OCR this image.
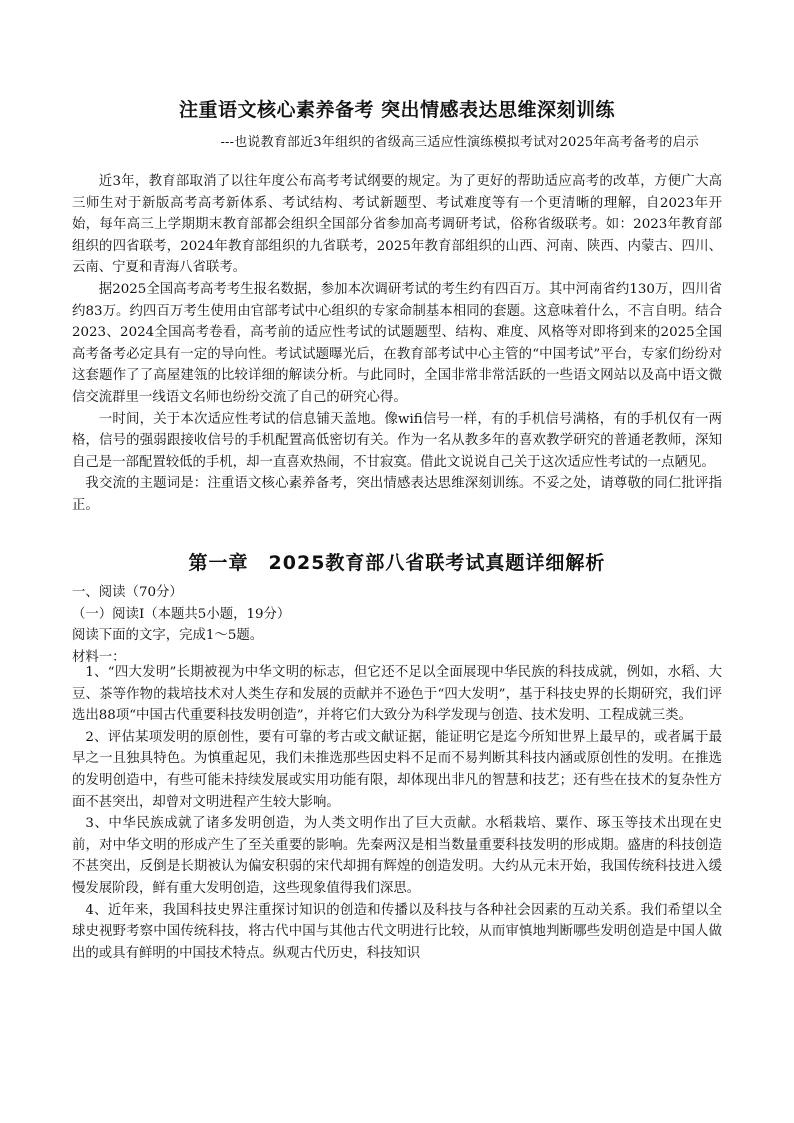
注重语文核心素养备考 突出情感表达思维深刻训练
---也说教育部近3年组织的省级高三适应性演练模拟考试对2025年高考备考的启示

近3年，教育部取消了以往年度公布高考考试纲要的规定。为了更好的帮助适应高考的改革，方便广大高三师生对于新版高考高考新体系、考试结构、考试新题型、考试难度等有一个更清晰的理解，自2023年开始，每年高三上学期期末教育部都会组织全国部分省参加高考调研考试，俗称省级联考。如：2023年教育部组织的四省联考，2024年教育部组织的九省联考，2025年教育部组织的山西、河南、陕西、内蒙古、四川、云南、宁夏和青海八省联考。

据2025全国高考高考考生报名数据，参加本次调研考试的考生约有四百万。其中河南省约130万，四川省约83万。约四百万考生使用由官部考试中心组织的专家命制基本相同的套题。这意味着什么，不言自明。结合2023、2024全国高考卷看，高考前的适应性考试的试题题型、结构、难度、风格等对即将到来的2025全国高考备考必定具有一定的导向性。考试试题曝光后，在教育部考试中心主管的“中国考试”平台，专家们纷纷对这套题作了了高屋建瓴的比较详细的解读分析。与此同时，全国非常非常活跃的一些语文网站以及高中语文微信交流群里一线语文名师也纷纷交流了自己的研究心得。

一时间，关于本次适应性考试的信息铺天盖地。像wifi信号一样，有的手机信号满格，有的手机仅有一两格，信号的强弱跟接收信号的手机配置高低密切有关。作为一名从教多年的喜欢教学研究的普通老教师，深知自己是一部配置较低的手机，却一直喜欢热闹，不甘寂寞。借此文说说自己关于这次适应性考试的一点陋见。

我交流的主题词是：注重语文核心素养备考，突出情感表达思维深刻训练。不妥之处，请尊敬的同仁批评指正。

第一章　2025教育部八省联考试真题详细解析

一、阅读（70分）

（一）阅读Ⅰ（本题共5小题，19分）

阅读下面的文字，完成1～5题。

材料一：

1、“四大发明”长期被视为中华文明的标志，但它还不足以全面展现中华民族的科技成就，例如，水稻、大豆、茶等作物的栽培技术对人类生存和发展的贡献并不逊色于“四大发明”，基于科技史界的长期研究，我们评选出88项“中国古代重要科技发明创造”，并将它们大致分为科学发现与创造、技术发明、工程成就三类。

2、评估某项发明的原创性，要有可靠的考古或文献证据，能证明它是迄今所知世界上最早的，或者属于最早之一且独具特色。为慎重起见，我们未推选那些因史料不足而不易判断其科技内涵或原创性的发明。在推选的发明创造中，有些可能未持续发展或实用功能有限，却体现出非凡的智慧和技艺；还有些在技术的复杂性方面不甚突出，却曾对文明进程产生较大影响。

3、中华民族成就了诸多发明创造，为人类文明作出了巨大贡献。水稻栽培、粟作、琢玉等技术出现在史前，对中华文明的形成产生了至关重要的影响。先秦两汉是相当数量重要科技发明的形成期。盛唐的科技创造不甚突出，反倒是长期被认为偏安积弱的宋代却拥有辉煌的创造发明。大约从元末开始，我国传统科技进入缓慢发展阶段，鲜有重大发明创造，这些现象值得我们深思。

4、近年来，我国科技史界注重探讨知识的创造和传播以及科技与各种社会因素的互动关系。我们希望以全球史视野考察中国传统科技，将古代中国与其他古代文明进行比较，从而审慎地判断哪些发明创造是中国人做出的或具有鲜明的中国技术特点。纵观古代历史，科技知识
